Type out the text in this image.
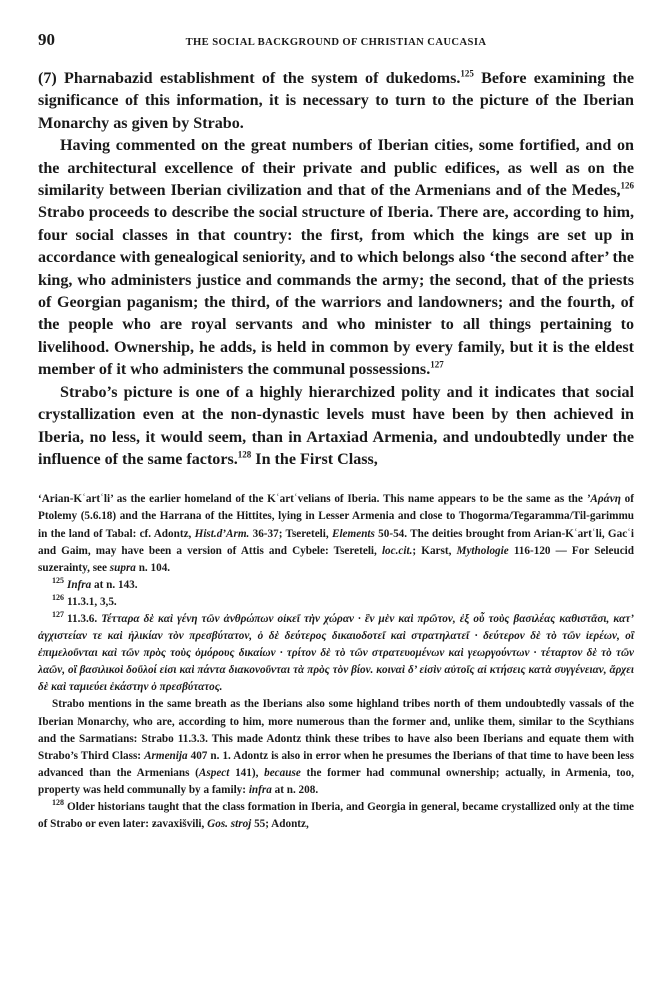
90	THE SOCIAL BACKGROUND OF CHRISTIAN CAUCASIA

(7) Pharnabazid establishment of the system of dukedoms.$^{125}$ Before examining the significance of this information, it is necessary to turn to the picture of the Iberian Monarchy as given by Strabo.

Having commented on the great numbers of Iberian cities, some fortified, and on the architectural excellence of their private and public edifices, as well as on the similarity between Iberian civilization and that of the Armenians and of the Medes,$^{126}$ Strabo proceeds to describe the social structure of Iberia. There are, according to him, four social classes in that country: the first, from which the kings are set up in accordance with genealogical seniority, and to which belongs also ‘the second after’ the king, who administers justice and commands the army; the second, that of the priests of Georgian paganism; the third, of the warriors and landowners; and the fourth, of the people who are royal servants and who minister to all things pertaining to livelihood. Ownership, he adds, is held in common by every family, but it is the eldest member of it who administers the communal possessions.$^{127}$

Strabo’s picture is one of a highly hierarchized polity and it indicates that social crystallization even at the non-dynastic levels must have been by then achieved in Iberia, no less, it would seem, than in Artaxiad Armenia, and undoubtedly under the influence of the same factors.$^{128}$ In the First Class,

‘Arian-Kʿartʿli’ as the earlier homeland of the Kʿartʿvelians of Iberia. This name appears to be the same as the ’Αράνη of Ptolemy (5.6.18) and the Harrana of the Hittites, lying in Lesser Armenia and close to Thogorma/Tegaramma/Til-garimmu in the land of Tabal: cf. Adontz, Hist.d’Arm. 36-37; Tsereteli, Elements 50-54. The deities brought from Arian-Kʿartʿli, Gacʿi and Gaim, may have been a version of Attis and Cybele: Tsereteli, loc.cit.; Karst, Mythologie 116-120 — For Seleucid suzerainty, see supra n. 104.

$^{125}$ Infra at n. 143.

$^{126}$ 11.3.1, 3,5.

$^{127}$ 11.3.6. Τέτταρα δὲ καὶ γένη τῶν ἀνθρώπων οἰκεῖ τὴν χώραν · ἓν μὲν καὶ πρῶτον, ἐξ οὗ τοὺς βασιλέας καθιστᾶσι, κατ’ ἀγχιστείαν τε καὶ ἡλικίαν τὸν πρεσβύτατον, ὁ δὲ δεύτερος δικαιοδοτεῖ καὶ στρατηλατεῖ · δεύτερον δὲ τὸ τῶν ἱερέων, οἳ ἐπιμελοῦνται καὶ τῶν πρὸς τοὺς ὁμόρους δικαίων · τρίτον δὲ τὸ τῶν στρατευομένων καὶ γεωργούντων · τέταρτον δὲ τὸ τῶν λαῶν, οἳ βασιλικοὶ δοῦλοί εἰσι καὶ πάντα διακονοῦνται τὰ πρὸς τὸν βίον. κοιναὶ δ’ εἰσὶν αὐτοῖς αἱ κτήσεις κατὰ συγγένειαν, ἄρχει δὲ καὶ ταμιεύει ἑκάστην ὁ πρεσβύτατος.

Strabo mentions in the same breath as the Iberians also some highland tribes north of them undoubtedly vassals of the Iberian Monarchy, who are, according to him, more numerous than the former and, unlike them, similar to the Scythians and the Sarmatians: Strabo 11.3.3. This made Adontz think these tribes to have also been Iberians and equate them with Strabo’s Third Class: Armenija 407 n. 1. Adontz is also in error when he presumes the Iberians of that time to have been less advanced than the Armenians (Aspect 141), because the former had communal ownership; actually, in Armenia, too, property was held communally by a family: infra at n. 208.

$^{128}$ Older historians taught that the class formation in Iberia, and Georgia in general, became crystallized only at the time of Strabo or even later: ƶavaxišvili, Gos. stroj 55; Adontz,
